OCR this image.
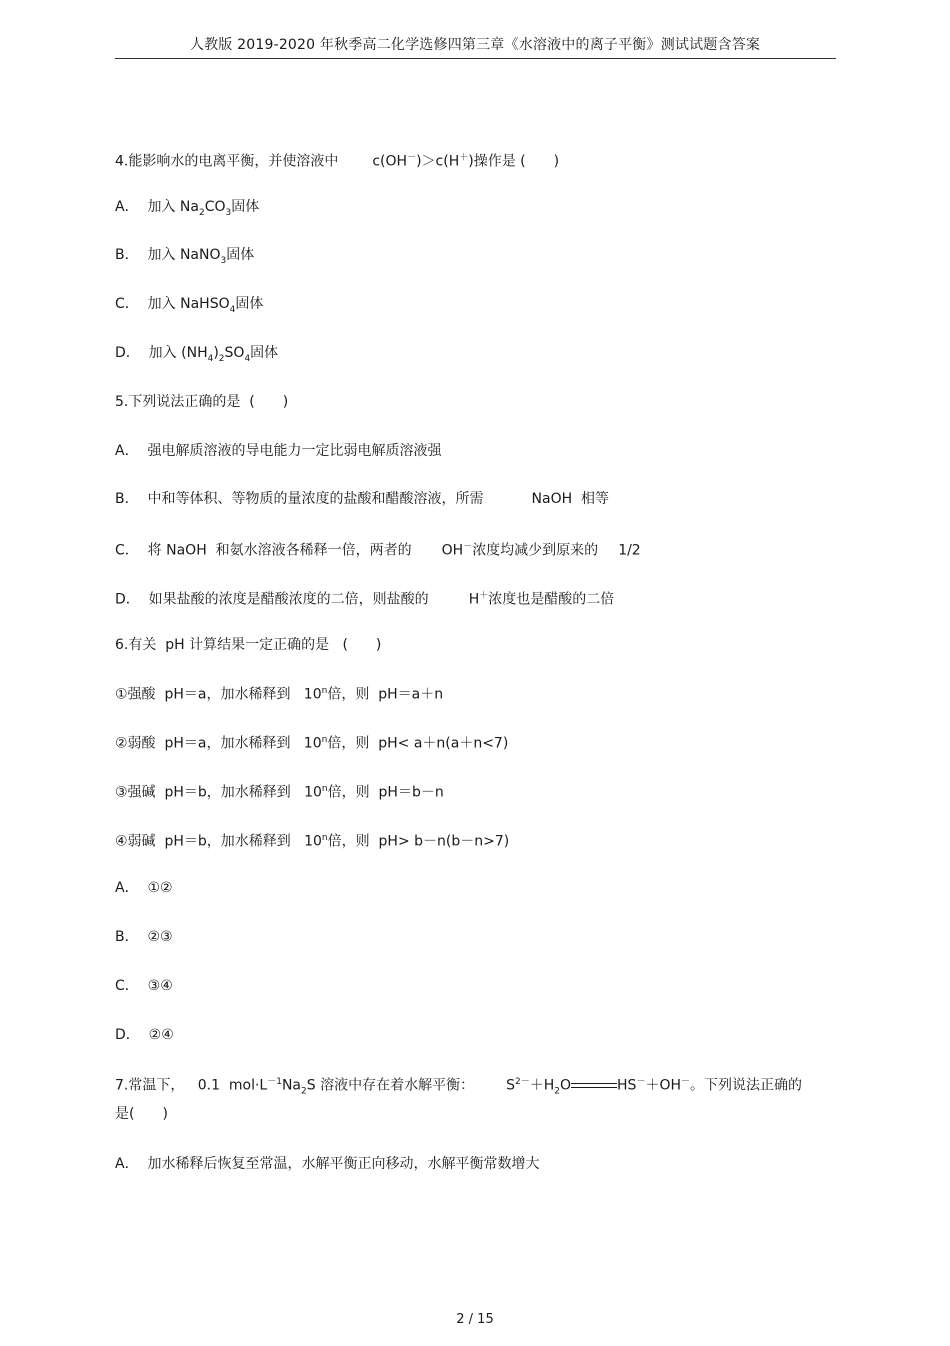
人教版 2019-2020 年秋季高二化学选修四第三章《水溶液中的离子平衡》测试试题含答案
4.能影响水的电离平衡，并使溶液中 c(OH－)＞c(H＋)操作是 (　　)
A．  加入 $Na_2CO_3$固体
B．  加入 NaNO$_3$固体
C．  加入 NaHSO$_4$固体
D．  加入 $(NH_4)_2SO_4$固体
5.下列说法正确的是  (　　)
A．  强电解质溶液的导电能力一定比弱电解质溶液强
B．  中和等体积、等物质的量浓度的盐酸和醋酸溶液，所需	NaOH  相等
C．  将 NaOH  和氨水溶液各稀释一倍，两者的 OH－浓度均减少到原来的 1/2
D．  如果盐酸的浓度是醋酸浓度的二倍，则盐酸的	H＋浓度也是醋酸的二倍
6.有关  pH 计算结果一定正确的是   (　　)
①强酸  pH＝a，加水稀释到   10$^n$倍，则  pH＝a＋n
②弱酸  pH＝a，加水稀释到   10$^n$倍，则  pH< a＋n(a＋n<7)
③强碱  pH＝b，加水稀释到   10$^n$倍，则  pH＝b－n
④弱碱  pH＝b，加水稀释到   10$^n$倍，则  pH> b－n(b－n>7)
A．  ①②
B．  ②③
C．  ③④
D．  ②④
7.常温下，   0.1  $mol\cdot L^{-1}Na_2S$ 溶液中存在着水解平衡： $S^{2-}+H_2O$	HS－＋OH－。下列说法正确的
是(　　)
A．  加水稀释后恢复至常温，水解平衡正向移动，水解平衡常数增大
2 / 15
